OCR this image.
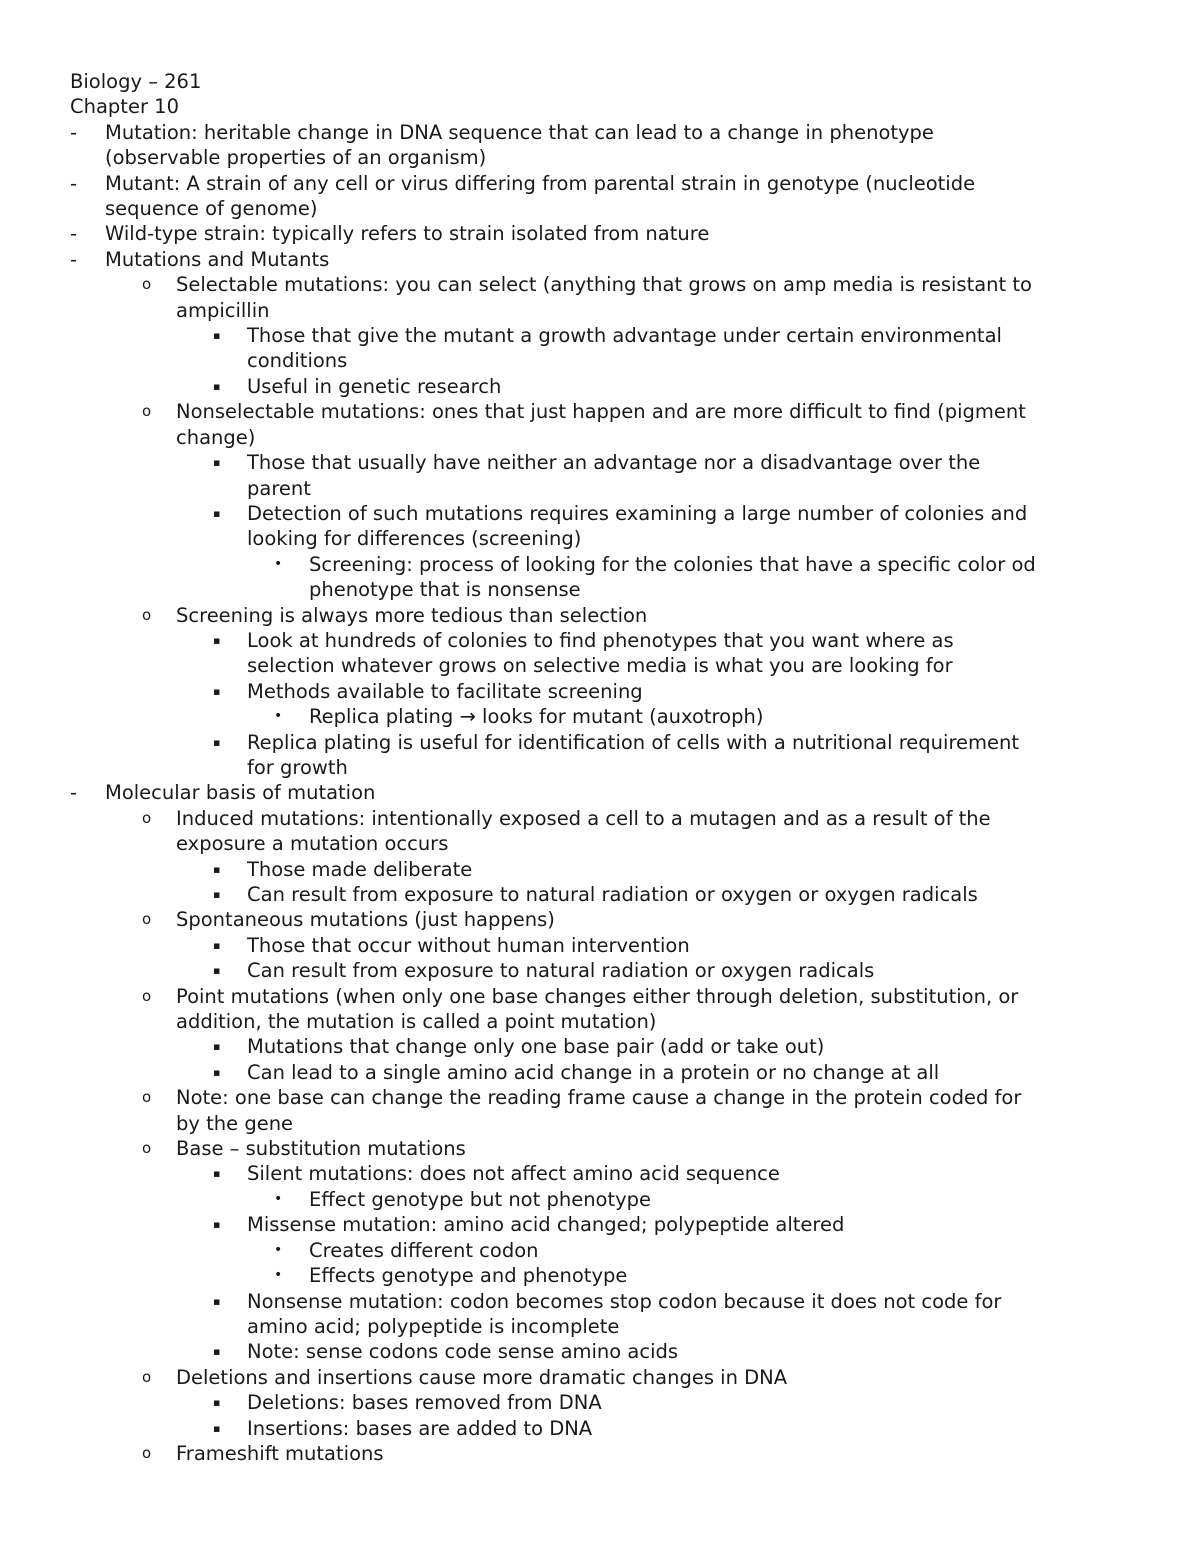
Biology – 261
Chapter 10
- Mutation: heritable change in DNA sequence that can lead to a change in phenotype
(observable properties of an organism)
- Mutant: A strain of any cell or virus differing from parental strain in genotype (nucleotide
sequence of genome)
- Wild-type strain: typically refers to strain isolated from nature
- Mutations and Mutants
o Selectable mutations: you can select (anything that grows on amp media is resistant to
ampicillin
▪ Those that give the mutant a growth advantage under certain environmental
conditions
▪ Useful in genetic research
o Nonselectable mutations: ones that just happen and are more difficult to find (pigment
change)
▪ Those that usually have neither an advantage nor a disadvantage over the
parent
▪ Detection of such mutations requires examining a large number of colonies and
looking for differences (screening)
• Screening: process of looking for the colonies that have a specific color od
phenotype that is nonsense
o Screening is always more tedious than selection
▪ Look at hundreds of colonies to find phenotypes that you want where as
selection whatever grows on selective media is what you are looking for
▪ Methods available to facilitate screening
• Replica plating → looks for mutant (auxotroph)
▪ Replica plating is useful for identification of cells with a nutritional requirement
for growth
- Molecular basis of mutation
o Induced mutations: intentionally exposed a cell to a mutagen and as a result of the
exposure a mutation occurs
▪ Those made deliberate
▪ Can result from exposure to natural radiation or oxygen or oxygen radicals
o Spontaneous mutations (just happens)
▪ Those that occur without human intervention
▪ Can result from exposure to natural radiation or oxygen radicals
o Point mutations (when only one base changes either through deletion, substitution, or
addition, the mutation is called a point mutation)
▪ Mutations that change only one base pair (add or take out)
▪ Can lead to a single amino acid change in a protein or no change at all
o Note: one base can change the reading frame cause a change in the protein coded for
by the gene
o Base – substitution mutations
▪ Silent mutations: does not affect amino acid sequence
• Effect genotype but not phenotype
▪ Missense mutation: amino acid changed; polypeptide altered
• Creates different codon
• Effects genotype and phenotype
▪ Nonsense mutation: codon becomes stop codon because it does not code for
amino acid; polypeptide is incomplete
▪ Note: sense codons code sense amino acids
o Deletions and insertions cause more dramatic changes in DNA
▪ Deletions: bases removed from DNA
▪ Insertions: bases are added to DNA
o Frameshift mutations
